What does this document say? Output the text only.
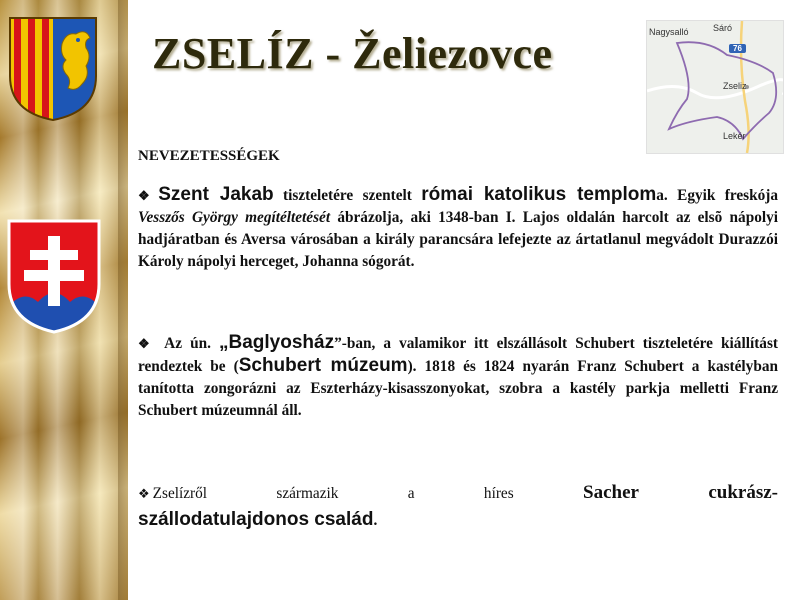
ZSELÍZ - Želiezovce	Nagysalló	Sáró
76
Zseliz
Lekér
NEVEZETESSÉGEK
❖ Szent Jakab tiszteletére szentelt római katolikus temploma. Egyik freskója Vesszős György megítéltetését ábrázolja, aki 1348-ban I. Lajos oldalán harcolt az elsõ nápolyi hadjáratban és Aversa városában a király parancsára lefejezte az ártatlanul megvádolt Durazzói Károly nápolyi herceget, Johanna sógorát.
❖ Az ún. „Baglyosház”-ban, a valamikor itt elszállásolt Schubert tiszteletére kiállítást rendeztek be (Schubert múzeum). 1818 és 1824 nyarán Franz Schubert a kastélyban tanította zongorázni az Eszterházy-kisasszonyokat, szobra a kastély parkja melletti Franz Schubert múzeumnál áll.
❖ Zselízről	származik	a	híres	Sacher	cukrász-
szállodatulajdonos család.
